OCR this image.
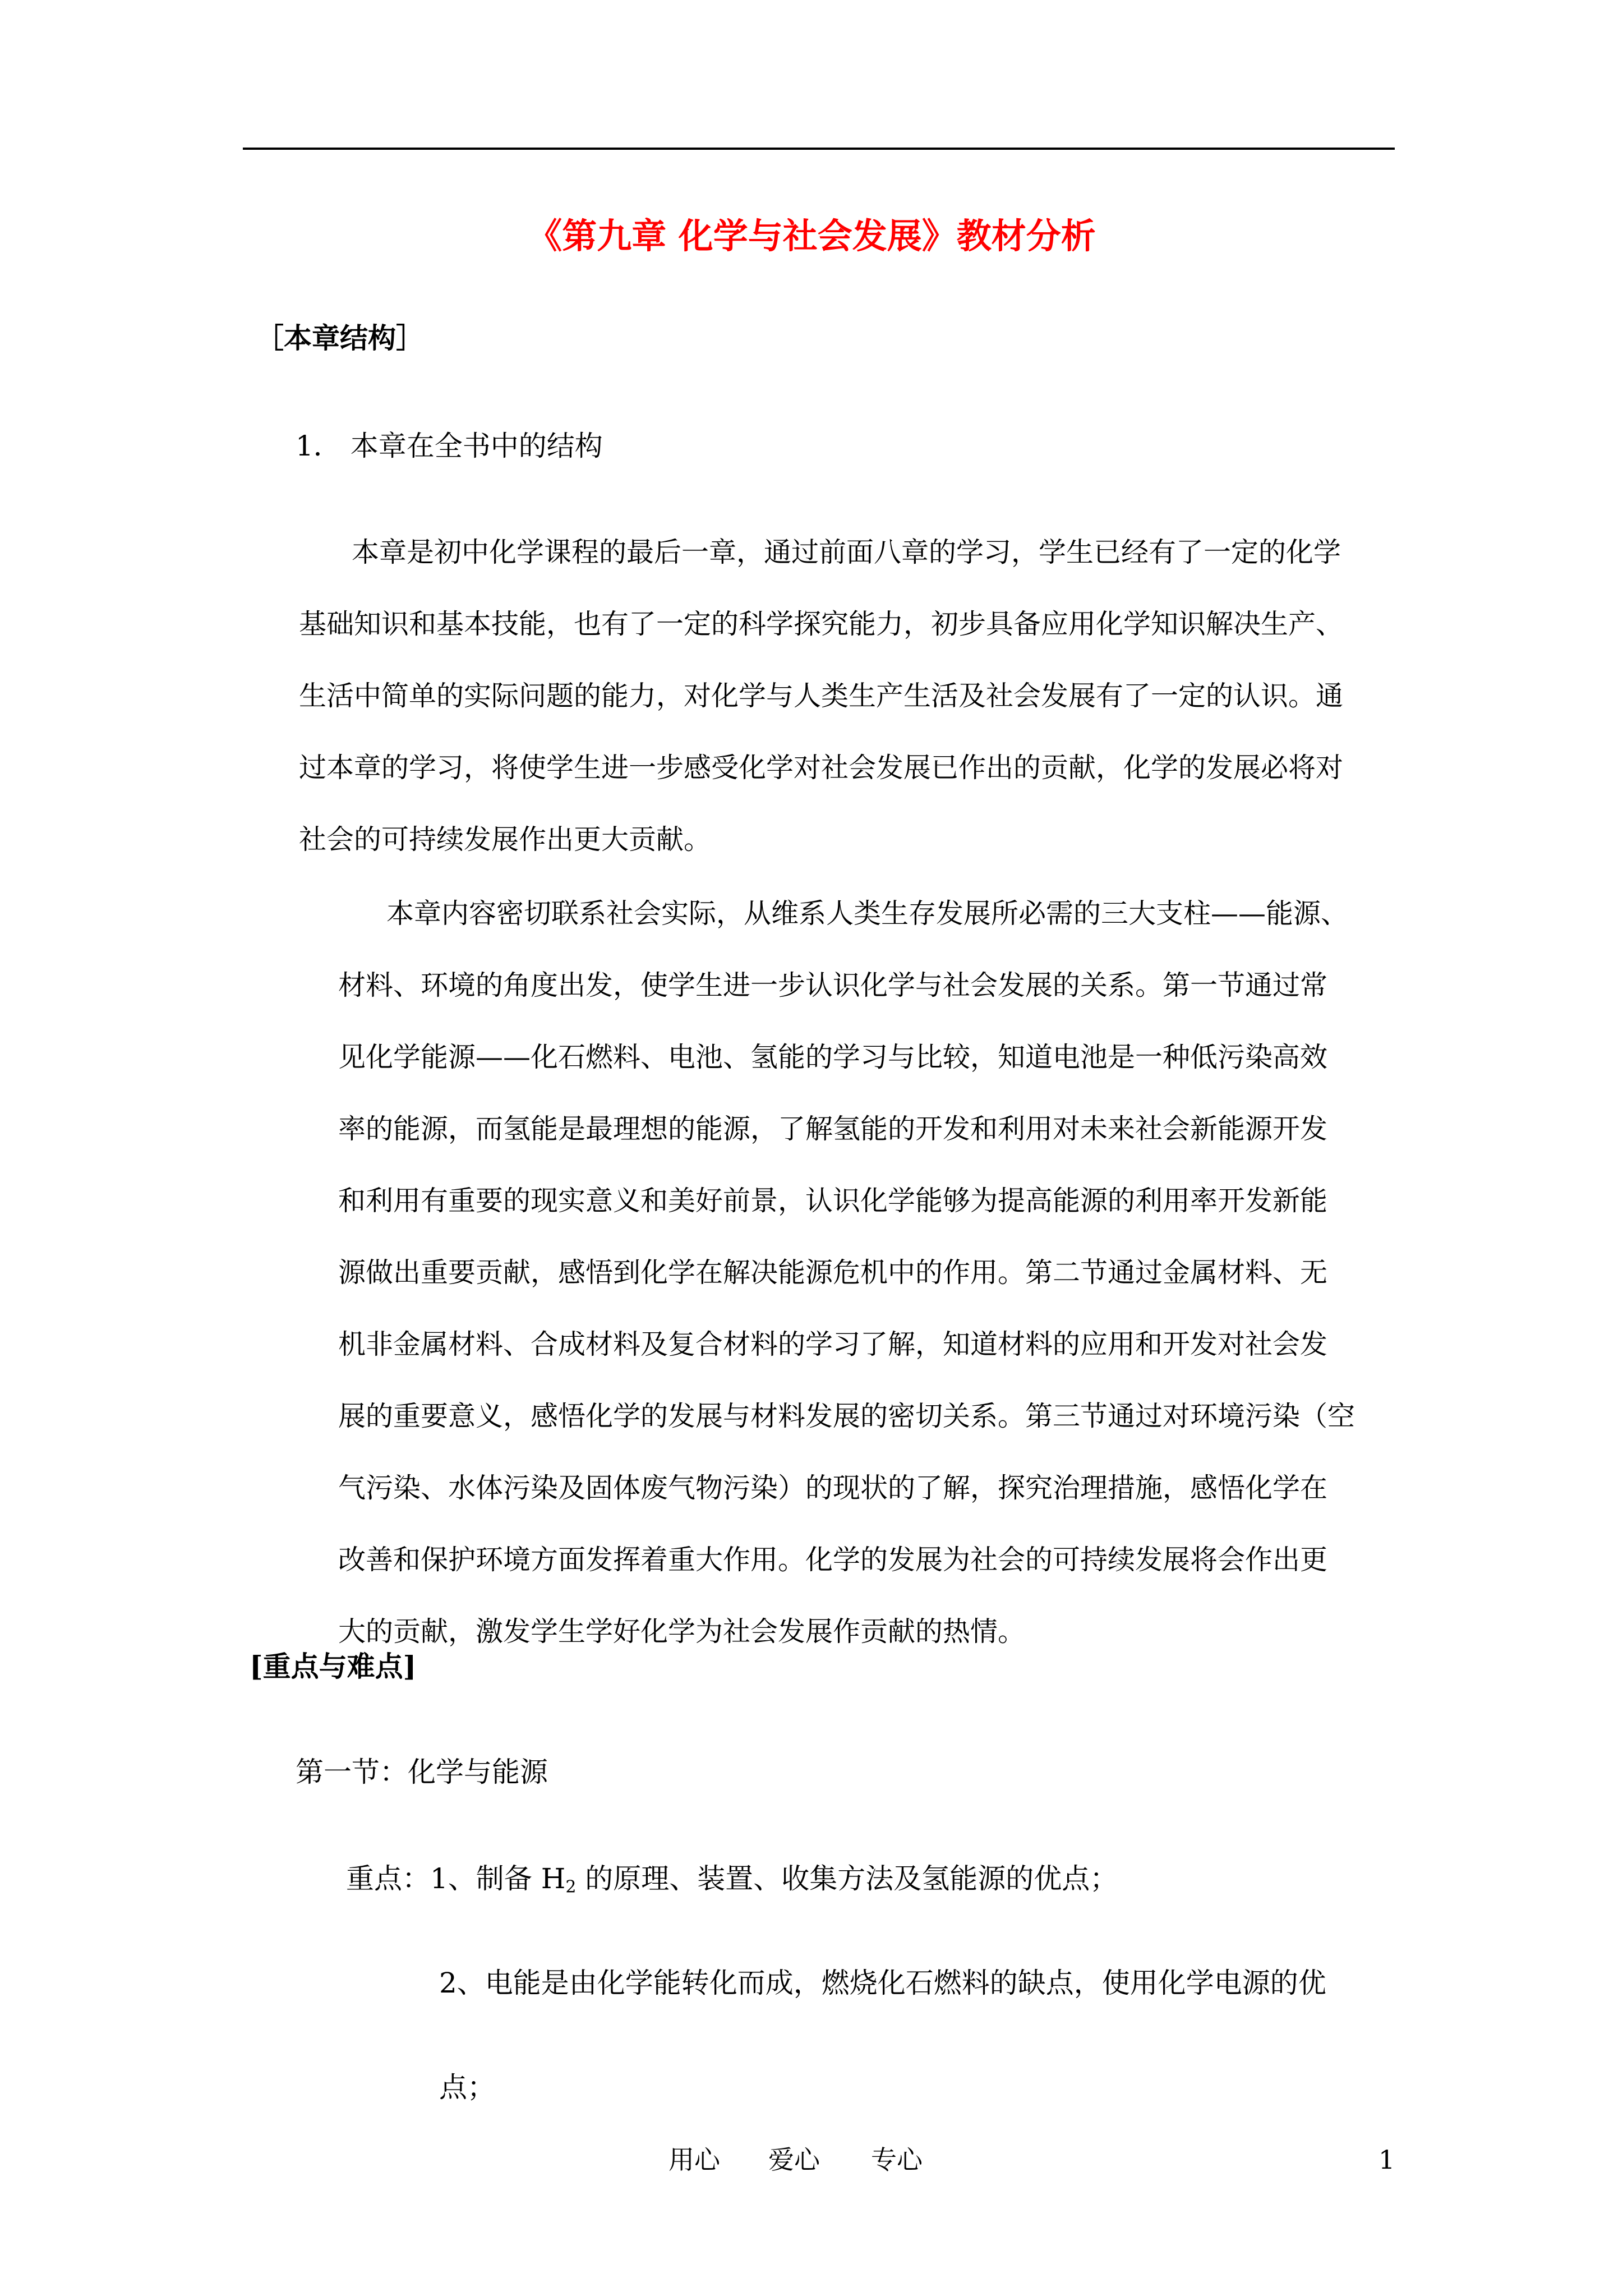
《第九章 化学与社会发展》教材分析
［本章结构］
1． 本章在全书中的结构
本章是初中化学课程的最后一章，通过前面八章的学习，学生已经有了一定的化学
基础知识和基本技能，也有了一定的科学探究能力，初步具备应用化学知识解决生产、
生活中简单的实际问题的能力，对化学与人类生产生活及社会发展有了一定的认识。通
过本章的学习，将使学生进一步感受化学对社会发展已作出的贡献，化学的发展必将对
社会的可持续发展作出更大贡献。
本章内容密切联系社会实际，从维系人类生存发展所必需的三大支柱——能源、
材料、环境的角度出发，使学生进一步认识化学与社会发展的关系。第一节通过常
见化学能源——化石燃料、电池、氢能的学习与比较，知道电池是一种低污染高效
率的能源，而氢能是最理想的能源，了解氢能的开发和利用对未来社会新能源开发
和利用有重要的现实意义和美好前景，认识化学能够为提高能源的利用率开发新能
源做出重要贡献，感悟到化学在解决能源危机中的作用。第二节通过金属材料、无
机非金属材料、合成材料及复合材料的学习了解，知道材料的应用和开发对社会发
展的重要意义，感悟化学的发展与材料发展的密切关系。第三节通过对环境污染（空
气污染、水体污染及固体废气物污染）的现状的了解，探究治理措施，感悟化学在
改善和保护环境方面发挥着重大作用。化学的发展为社会的可持续发展将会作出更
大的贡献，激发学生学好化学为社会发展作贡献的热情。
[重点与难点]
第一节：化学与能源
重点：1、制备 $H_2$ 的原理、装置、收集方法及氢能源的优点；
2、电能是由化学能转化而成，燃烧化石燃料的缺点，使用化学电源的优
点；
用心 爱心 专心	1
